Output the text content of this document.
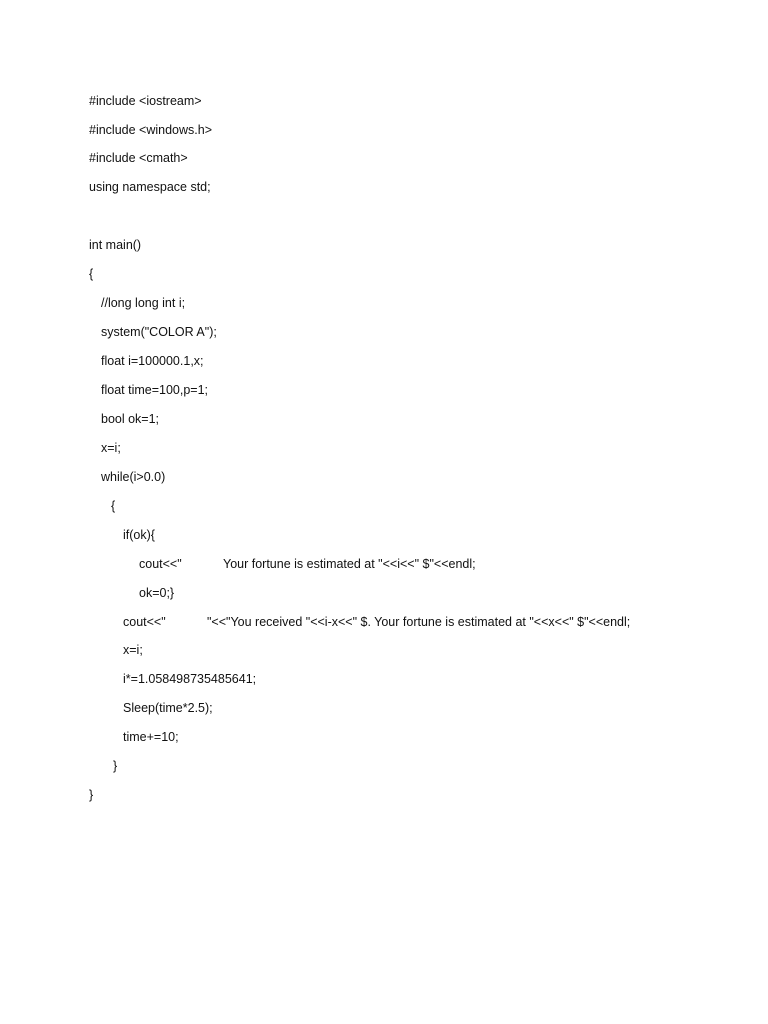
#include <iostream>

#include <windows.h>

#include <cmath>

using namespace std;

int main()

{

//long long int i;

system("COLOR A");

float i=100000.1,x;

float time=100,p=1;

bool ok=1;

x=i;

while(i>0.0)

{

if(ok){

cout<<"	Your fortune is estimated at "<<i<<" $"<<endl;

ok=0;}

cout<<"	"<<"You received "<<i-x<<" $. Your fortune is estimated at "<<x<<" $"<<endl;

x=i;

i*=1.058498735485641;

Sleep(time*2.5);

time+=10;

}

}
